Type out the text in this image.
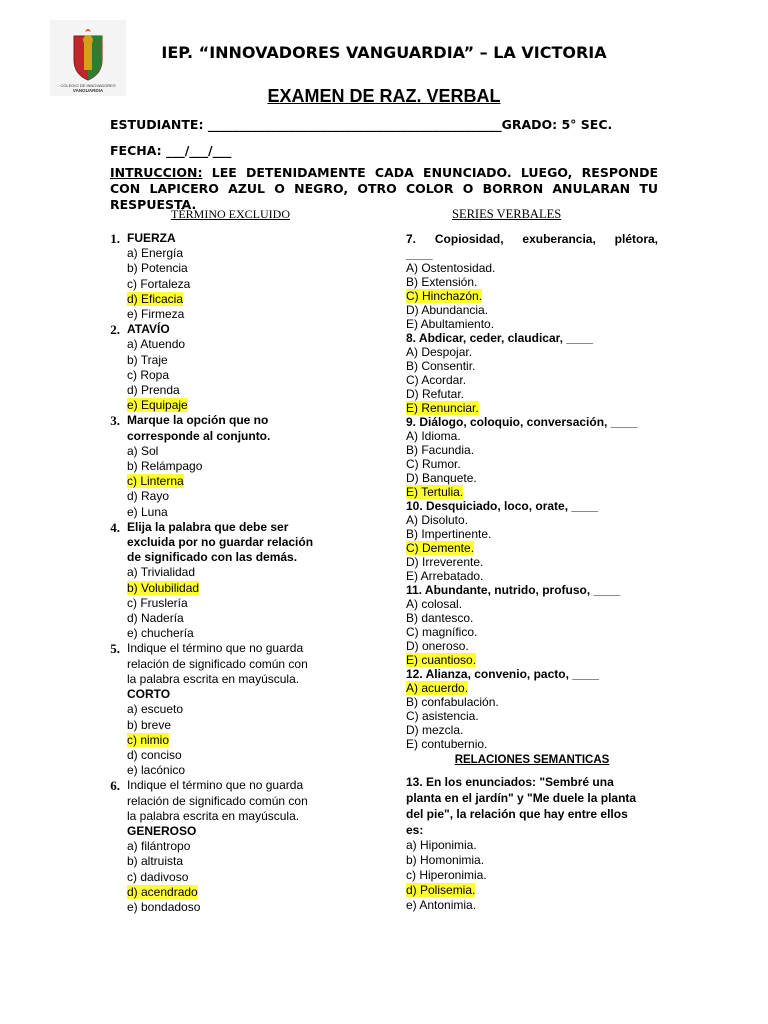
COLEGIO DE INNOVADORES
VANGUARDIA
IEP. “INNOVADORES VANGUARDIA” – LA VICTORIA
EXAMEN DE RAZ. VERBAL
ESTUDIANTE: _______________________________________________GRADO: 5° SEC.
FECHA: ___/___/___
INTRUCCION: LEE DETENIDAMENTE CADA ENUNCIADO. LUEGO, RESPONDE CON LAPICERO AZUL O NEGRO, OTRO COLOR O BORRON ANULARAN TU RESPUESTA.
TÈRMINO EXCLUIDO	SERIES VERBALES
1. FUERZA
a) Energía
b) Potencia
c) Fortaleza
d) Eficacia
e) Firmeza
2. ATAVÍO
a) Atuendo
b) Traje
c) Ropa
d) Prenda
e) Equipaje
3. Marque la opción que no
corresponde al conjunto.
a) Sol
b) Relámpago
c) Linterna
d) Rayo
e) Luna
4. Elija la palabra que debe ser
excluida por no guardar relación
de significado con las demás.
a) Trivialidad
b) Volubilidad
c) Fruslería
d) Nadería
e) chuchería
5. Indique el término que no guarda
relación de significado común con
la palabra escrita en mayúscula.
CORTO
a) escueto
b) breve
c) nimio
d) conciso
e) lacónico
6. Indique el término que no guarda
relación de significado común con
la palabra escrita en mayúscula.
GENEROSO
a) filántropo
b) altruista
c) dadivoso
d) acendrado
e) bondadoso
7. Copiosidad, exuberancia, plétora,
____
A) Ostentosidad.
B) Extensión.
C) Hinchazón.
D) Abundancia.
E) Abultamiento.
8. Abdicar, ceder, claudicar, ____
A) Despojar.
B) Consentir.
C) Acordar.
D) Refutar.
E) Renunciar.
9. Diálogo, coloquio, conversación, ____
A) Idioma.
B) Facundia.
C) Rumor.
D) Banquete.
E) Tertulia.
10. Desquiciado, loco, orate, ____
A) Disoluto.
B) Impertinente.
C) Demente.
D) Irreverente.
E) Arrebatado.
11. Abundante, nutrido, profuso, ____
A) colosal.
B) dantesco.
C) magnífico.
D) oneroso.
E) cuantioso.
12. Alianza, convenio, pacto, ____
A) acuerdo.
B) confabulación.
C) asistencia.
D) mezcla.
E) contubernio.
RELACIONES SEMANTICAS
13. En los enunciados: "Sembré una
planta en el jardín" y "Me duele la planta
del pie", la relación que hay entre ellos
es:
a) Hiponimia.
b) Homonimia.
c) Hiperonimia.
d) Polisemia.
e) Antonimia.
